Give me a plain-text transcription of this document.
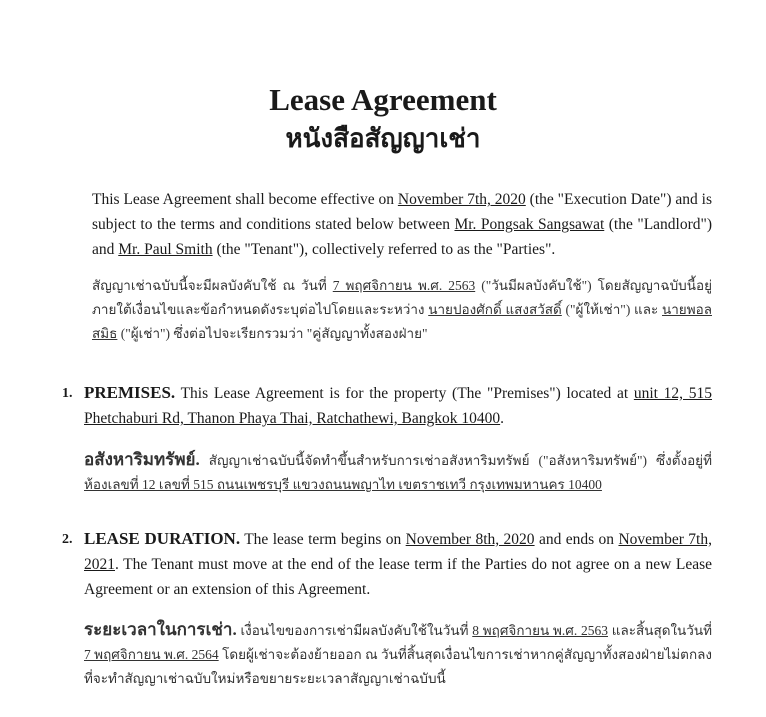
Lease Agreement
หนังสือสัญญาเช่า
This Lease Agreement shall become effective on November 7th, 2020 (the "Execution Date") and is subject to the terms and conditions stated below between Mr. Pongsak Sangsawat (the "Landlord") and Mr. Paul Smith (the "Tenant"), collectively referred to as the "Parties".
สัญญาเช่าฉบับนี้จะมีผลบังคับใช้ ณ วันที่ 7 พฤศจิกายน พ.ศ. 2563 ("วันมีผลบังคับใช้") โดยสัญญาฉบับนี้อยู่ภายใต้เงื่อนไขและข้อกำหนดดังระบุต่อไปโดยและระหว่าง นายปองศักดิ์ แสงสวัสดิ์ ("ผู้ให้เช่า") และ นายพอล สมิธ ("ผู้เช่า") ซึ่งต่อไปจะเรียกรวมว่า "คู่สัญญาทั้งสองฝ่าย"
1. PREMISES. This Lease Agreement is for the property (The "Premises") located at unit 12, 515 Phetchaburi Rd, Thanon Phaya Thai, Ratchathewi, Bangkok 10400.
อสังหาริมทรัพย์. สัญญาเช่าฉบับนี้จัดทำขึ้นสำหรับการเช่าอสังหาริมทรัพย์ ("อสังหาริมทรัพย์") ซึ่งตั้งอยู่ที่ ห้องเลขที่ 12 เลขที่ 515 ถนนเพชรบุรี แขวงถนนพญาไท เขตราชเทวี กรุงเทพมหานคร 10400
2. LEASE DURATION. The lease term begins on November 8th, 2020 and ends on November 7th, 2021. The Tenant must move at the end of the lease term if the Parties do not agree on a new Lease Agreement or an extension of this Agreement.
ระยะเวลาในการเช่า. เงื่อนไขของการเช่ามีผลบังคับใช้ในวันที่ 8 พฤศจิกายน พ.ศ. 2563 และสิ้นสุดในวันที่ 7 พฤศจิกายน พ.ศ. 2564 โดยผู้เช่าจะต้องย้ายออก ณ วันที่สิ้นสุดเงื่อนไขการเช่าหากคู่สัญญาทั้งสองฝ่ายไม่ตกลงที่จะทำสัญญาเช่าฉบับใหม่หรือขยายระยะเวลาสัญญาเช่าฉบับนี้
